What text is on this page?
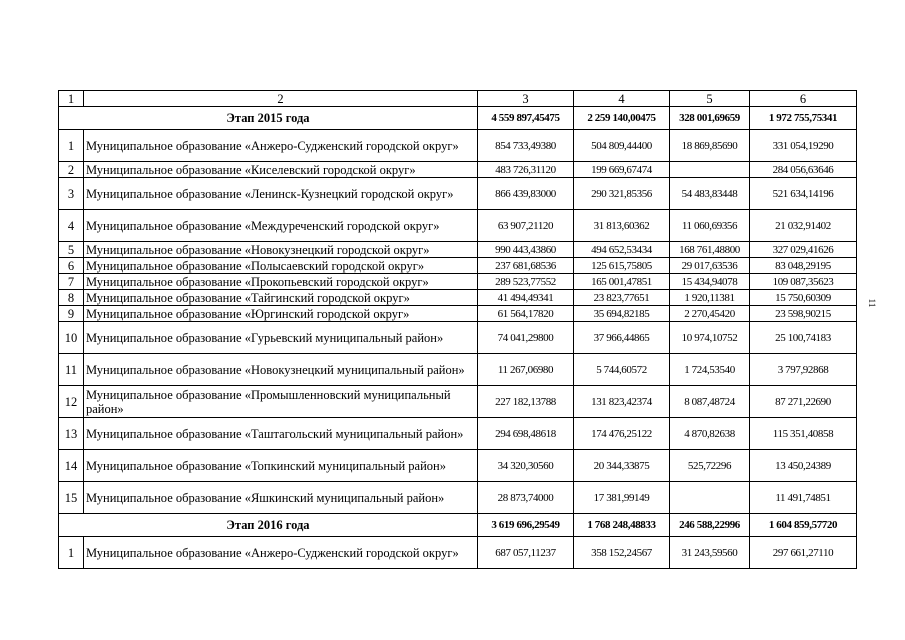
1	2	3	4	5	6
Этап 2015 года		4 559 897,45475	2 259 140,00475	328 001,69659	1 972 755,75341
1	Муниципальное образование «Анжеро-Судженский городской округ»	854 733,49380	504 809,44400	18 869,85690	331 054,19290
2	Муниципальное образование «Киселевский городской округ»	483 726,31120	199 669,67474		284 056,63646
3	Муниципальное образование «Ленинск-Кузнецкий городской округ»	866 439,83000	290 321,85356	54 483,83448	521 634,14196
4	Муниципальное образование «Междуреченский городской округ»	63 907,21120	31 813,60362	11 060,69356	21 032,91402
5	Муниципальное образование «Новокузнецкий городской округ»	990 443,43860	494 652,53434	168 761,48800	327 029,41626
6	Муниципальное образование «Полысаевский городской округ»	237 681,68536	125 615,75805	29 017,63536	83 048,29195
7	Муниципальное образование «Прокопьевский городской округ»	289 523,77552	165 001,47851	15 434,94078	109 087,35623
8	Муниципальное образование «Тайгинский городской округ»	41 494,49341	23 823,77651	1 920,11381	15 750,60309
9	Муниципальное образование «Юргинский городской округ»	61 564,17820	35 694,82185	2 270,45420	23 598,90215
10	Муниципальное образование «Гурьевский муниципальный район»	74 041,29800	37 966,44865	10 974,10752	25 100,74183
11	Муниципальное образование «Новокузнецкий муниципальный район»	11 267,06980	5 744,60572	1 724,53540	3 797,92868
12	Муниципальное образование «Промышленновский муниципальный район»	227 182,13788	131 823,42374	8 087,48724	87 271,22690
13	Муниципальное образование «Таштагольский муниципальный район»	294 698,48618	174 476,25122	4 870,82638	115 351,40858
14	Муниципальное образование «Топкинский муниципальный район»	34 320,30560	20 344,33875	525,72296	13 450,24389
15	Муниципальное образование «Яшкинский муниципальный район»	28 873,74000	17 381,99149		11 491,74851
Этап 2016 года		3 619 696,29549	1 768 248,48833	246 588,22996	1 604 859,57720
1	Муниципальное образование «Анжеро-Судженский городской округ»	687 057,11237	358 152,24567	31 243,59560	297 661,27110
11
